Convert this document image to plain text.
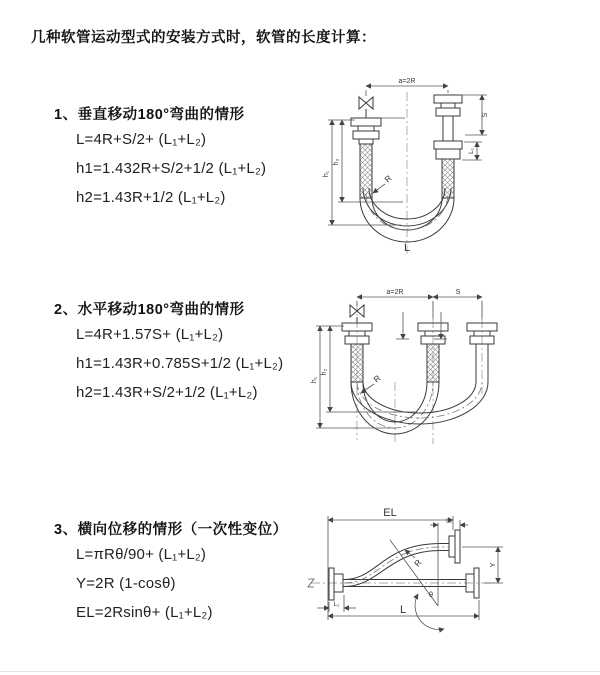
几种软管运动型式的安装方式时，软管的长度计算：
1、垂直移动180°弯曲的情形
L=4R+S/2+ (L₁+L₂)
h1=1.432R+S/2+1/2 (L₁+L₂)
h2=1.43R+1/2 (L₁+L₂)
2、水平移动180°弯曲的情形
L=4R+1.57S+ (L₁+L₂)
h1=1.43R+0.785S+1/2 (L₁+L₂)
h2=1.43R+S/2+1/2 (L₁+L₂)
3、横向位移的情形（一次性变位）
L=πRθ/90+ (L₁+L₂)
Y=2R (1-cosθ)
EL=2Rsinθ+ (L₁+L₂)
a=2R
h₁
h₂
S
L₁
R
L
a=2R	S
h₁
h₂
R
EL
L₁
Y
R
θ
L
L₁
